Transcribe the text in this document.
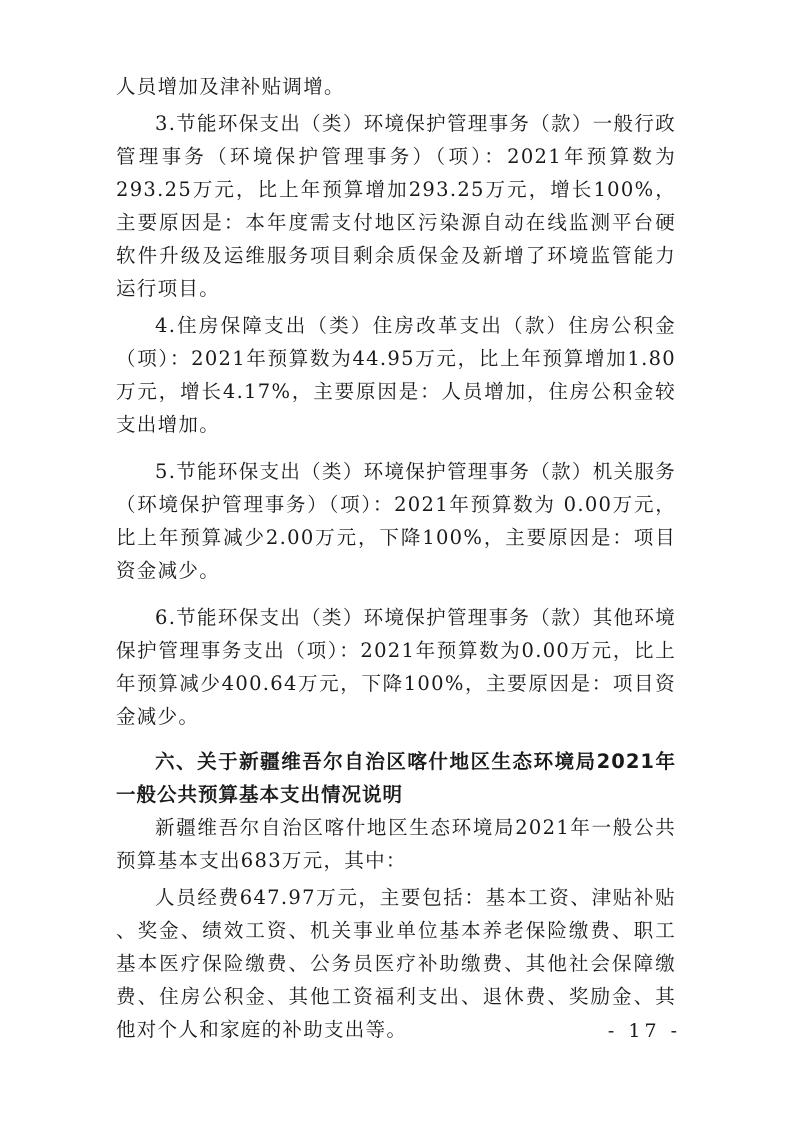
人员增加及津补贴调增。

3.节能环保支出（类）环境保护管理事务（款）一般行政管理事务（环境保护管理事务）（项）：2021年预算数为293.25万元，比上年预算增加293.25万元，增长100%，主要原因是：本年度需支付地区污染源自动在线监测平台硬软件升级及运维服务项目剩余质保金及新增了环境监管能力运行项目。

4.住房保障支出（类）住房改革支出（款）住房公积金（项）：2021年预算数为44.95万元，比上年预算增加1.80万元，增长4.17%，主要原因是：人员增加，住房公积金较支出增加。

5.节能环保支出（类）环境保护管理事务（款）机关服务（环境保护管理事务）（项）：2021年预算数为 0.00万元，比上年预算减少2.00万元，下降100%，主要原因是：项目资金减少。

6.节能环保支出（类）环境保护管理事务（款）其他环境保护管理事务支出（项）：2021年预算数为0.00万元，比上年预算减少400.64万元，下降100%，主要原因是：项目资金减少。

六、关于新疆维吾尔自治区喀什地区生态环境局2021年一般公共预算基本支出情况说明

新疆维吾尔自治区喀什地区生态环境局2021年一般公共预算基本支出683万元，其中：

人员经费647.97万元，主要包括：基本工资、津贴补贴 、奖金、绩效工资、机关事业单位基本养老保险缴费、职工 基本医疗保险缴费、公务员医疗补助缴费、其他社会保障缴 费、住房公积金、其他工资福利支出、退休费、奖励金、其 他对个人和家庭的补助支出等。	- 17 -
